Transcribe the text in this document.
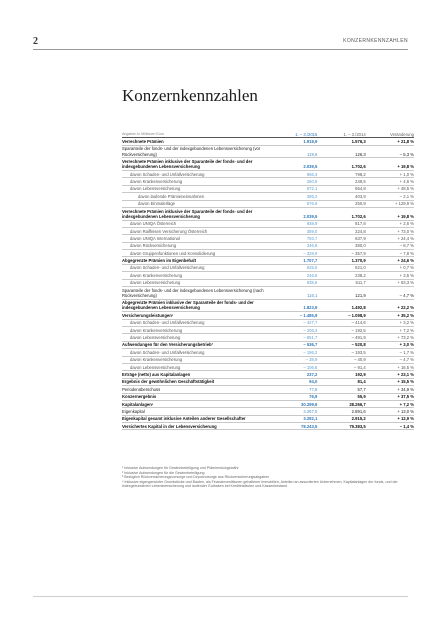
2	KONZERNKENNZAHLEN
Konzernkennzahlen
Angaben in Millionen Euro	1. – 3./2015	1. – 3./2014	Veränderung
Verrechnete Prämien	1.919,9	1.576,3	+ 21,8 %
Sparanteile der fonds- und der indexgebundenen Lebensversicherung (vor Rückversicherung)	119,6	126,3	– 5,3 %
Verrechnete Prämien inklusive der Sparanteile der fonds- und der indexgebundenen Lebensversicherung	2.039,5	1.702,6	+ 19,8 %
davon Schaden- und Unfallversicherung	956,3	798,2	+ 1,0 %
davon Krankenversicherung	260,9	249,5	+ 4,6 %
davon Lebensversicherung	972,1	654,8	+ 48,5 %
davon laufende Prämieneinnahmen	395,2	403,9	– 2,1 %
davon Einmalerläge	576,9	250,9	+ 129,9 %
Verrechnete Prämien inklusive der Sparanteile der fonds- und der indexgebundenen Lebensversicherung	2.039,5	1.702,6	+ 19,8 %
davon UNIQA Österreich	938,9	817,8	+ 2,6 %
davon Raiffeisen Versicherung Österreich	389,0	224,8	+ 73,0 %
davon UNIQA International	793,7	637,9	+ 24,4 %
davon Rückversicherung	346,8	380,0	– 8,7 %
davon Gruppenfunktionen und Konsolidierung	– 328,9	– 357,9	– 7,8 %
Abgegrenzte Prämien im Eigenbehalt	1.707,7	1.370,9	+ 24,6 %
davon Schaden- und Unfallversicherung	625,5	621,0	+ 0,7 %
davon Krankenversicherung	246,6	238,2	+ 3,5 %
davon Lebensversicherung	835,6	511,7	+ 63,3 %
Sparanteile der fonds- und der indexgebundenen Lebensversicherung (nach Rückversicherung)	116,1	121,9	– 4,7 %
Abgegrenzte Prämien inklusive der Sparanteile der fonds- und der indexgebundenen Lebensversicherung	1.823,9	1.492,8	+ 22,2 %
Versicherungsleistungen¹	– 1.485,9	– 1.098,9	+ 35,2 %
davon Schaden- und Unfallversicherung	– 427,7	– 414,6	+ 3,2 %
davon Krankenversicherung	– 206,3	– 192,5	+ 7,2 %
davon Lebensversicherung	– 851,7	– 491,9	+ 73,2 %
Aufwendungen für den Versicherungsbetrieb²	– 536,7	– 520,8	+ 3,0 %
davon Schaden- und Unfallversicherung	– 196,2	– 193,5	– 1,7 %
davon Krankenversicherung	– 38,9	– 40,9	– 4,7 %
davon Lebensversicherung	– 106,6	– 91,4	+ 16,5 %
Erträge (netto) aus Kapitalanlagen	237,2	192,9	+ 23,1 %
Ergebnis der gewöhnlichen Geschäftstätigkeit	94,0	81,4	+ 15,5 %
Periodenüberschuss	77,8	57,7	+ 34,9 %
Konzernergebnis	76,9	55,9	+ 37,5 %
Kapitalanlagen³	30.299,6	28.266,7	+ 7,2 %
Eigenkapital	3.267,0	2.891,6	+ 13,0 %
Eigenkapital gesamt inklusive Anteilen anderer Gesellschafter	3.292,1	2.915,2	+ 12,9 %
Versichertes Kapital in der Lebensversicherung	78.243,5	79.383,5	– 1,4 %

¹ Inklusive Aufwendungen für Gewinnbeteiligung und Prämienrückgewähr

² Inklusive Aufwendungen für die Gewinnbeteiligung

³ Bezüglich Rückversicherungsvorsorge und Depotvorsorge aus Rückversicherungsabgaben

⁴ Inklusive eigengenutzter Grundstücke und Bauten, als Finanzinvestitionen gehaltener Immobilien, Anteilen an assoziierten Unternehmen, Kapitalanlagen der fonds- und der indexgebundenen Lebensversicherung und laufender Guthaben bei Kreditinstituten und Kassenbestand
